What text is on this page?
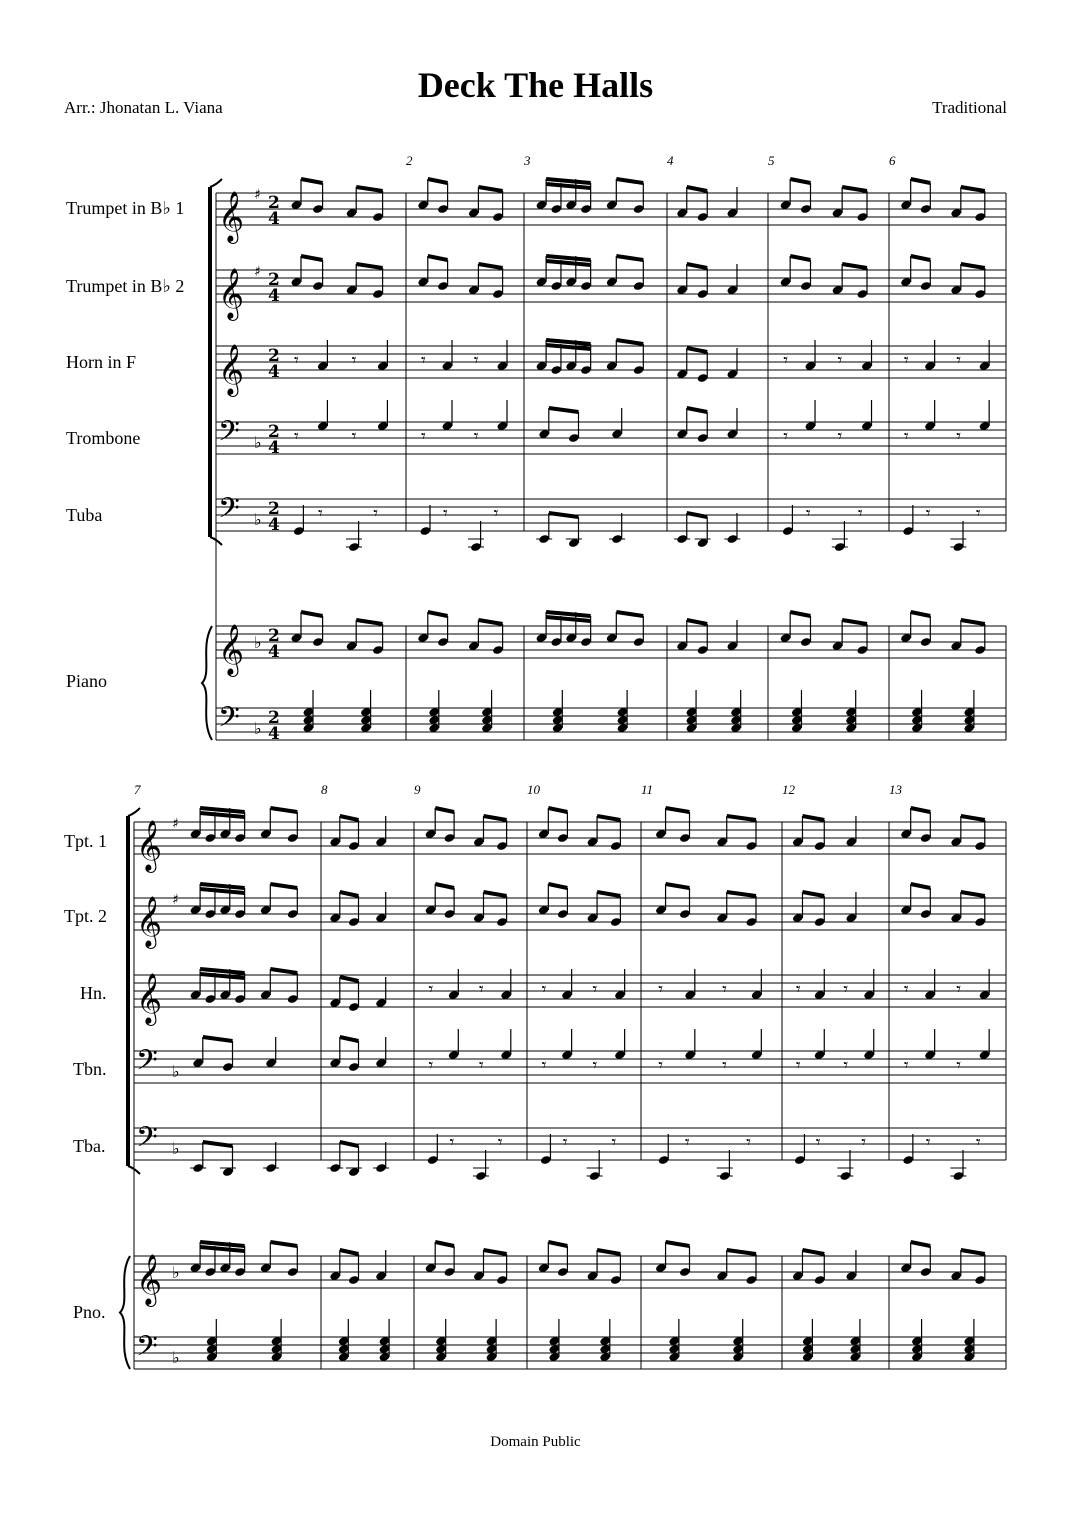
Deck The Halls
Arr.: Jhonatan L. Viana	Traditional
Trumpet in B♭ 1
Trumpet in B♭ 2
Horn in F
Trombone
Tuba
Piano
Tpt. 1
Tpt. 2
Hn.
Tbn.
Tba.
Pno.
𝄞 ♯ 2
4
𝄞 ♯ 2
4
𝄞 2
4
𝄾	𝄾	𝄾	𝄾	𝄾	𝄾	𝄾	𝄾
𝄢 ♭
2
4
𝄾	𝄾	𝄾	𝄾	𝄾	𝄾	𝄾	𝄾
𝄢 ♭
2
4
𝄾	𝄾	𝄾	𝄾	𝄾	𝄾	𝄾	𝄾
𝄞 ♭ 2
4
𝄢 ♭
2
4
2	3	4	5	6
𝄞 ♯
𝄞 ♯
𝄞	𝄾	𝄾	𝄾	𝄾	𝄾	𝄾	𝄾 𝄾	𝄾	𝄾
𝄢 ♭	𝄾	𝄾	𝄾	𝄾	𝄾	𝄾	𝄾 𝄾	𝄾	𝄾
𝄢 ♭	𝄾 𝄾	𝄾 𝄾	𝄾	𝄾	𝄾 𝄾	𝄾	𝄾
𝄞 ♭
𝄢 ♭
7	8	9	10	11	12	13
Domain Public
